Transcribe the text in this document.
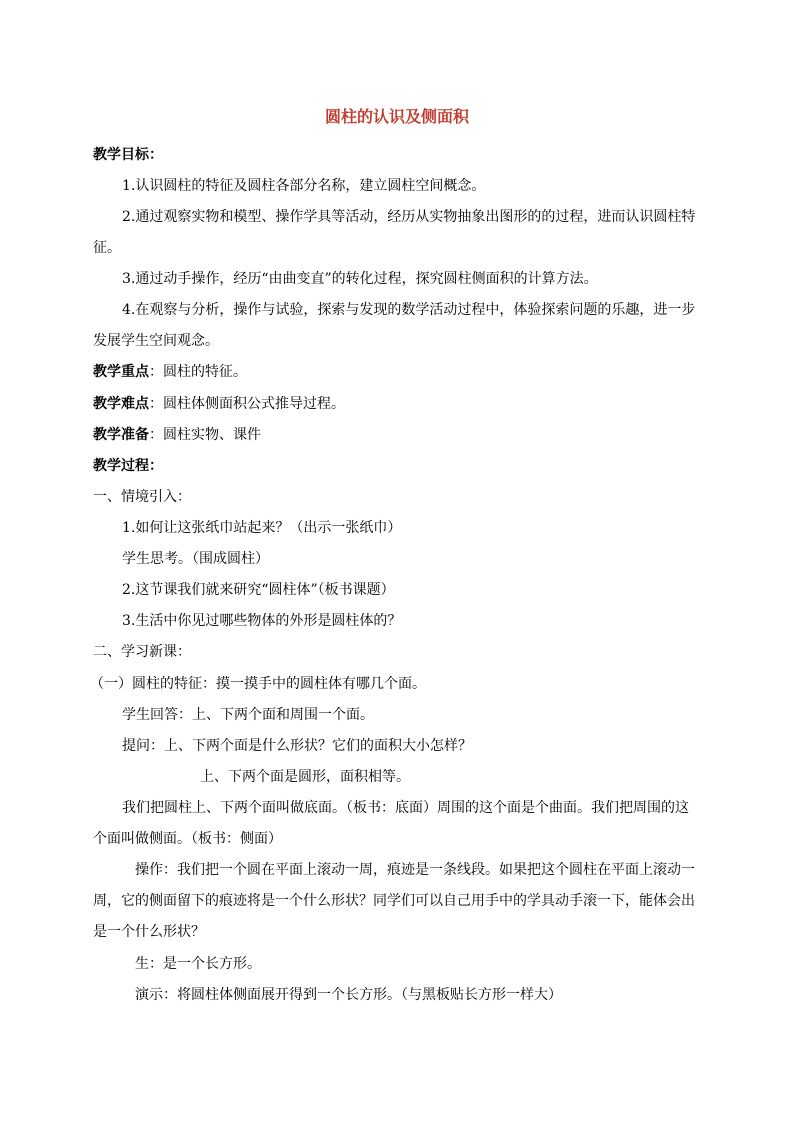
圆柱的认识及侧面积
教学目标：
1.认识圆柱的特征及圆柱各部分名称，建立圆柱空间概念。
2.通过观察实物和模型、操作学具等活动，经历从实物抽象出图形的的过程，进而认识圆柱特
征。
3.通过动手操作，经历“由曲变直”的转化过程，探究圆柱侧面积的计算方法。
4.在观察与分析，操作与试验，探索与发现的数学活动过程中，体验探索问题的乐趣，进一步
发展学生空间观念。
教学重点：圆柱的特征。
教学难点：圆柱体侧面积公式推导过程。
教学准备：圆柱实物、课件
教学过程：
一、情境引入：
1.如何让这张纸巾站起来？（出示一张纸巾）
学生思考。（围成圆柱）
2.这节课我们就来研究“圆柱体”（板书课题）
3.生活中你见过哪些物体的外形是圆柱体的？
二、学习新课：
（一）圆柱的特征：摸一摸手中的圆柱体有哪几个面。
学生回答：上、下两个面和周围一个面。
提问：上、下两个面是什么形状？它们的面积大小怎样？
上、下两个面是圆形，面积相等。
我们把圆柱上、下两个面叫做底面。（板书：底面）周围的这个面是个曲面。我们把周围的这
个面叫做侧面。（板书：侧面）
操作：我们把一个圆在平面上滚动一周，痕迹是一条线段。如果把这个圆柱在平面上滚动一
周，它的侧面留下的痕迹将是一个什么形状？同学们可以自己用手中的学具动手滚一下，能体会出
是一个什么形状？
生：是一个长方形。
演示：将圆柱体侧面展开得到一个长方形。（与黑板贴长方形一样大）
